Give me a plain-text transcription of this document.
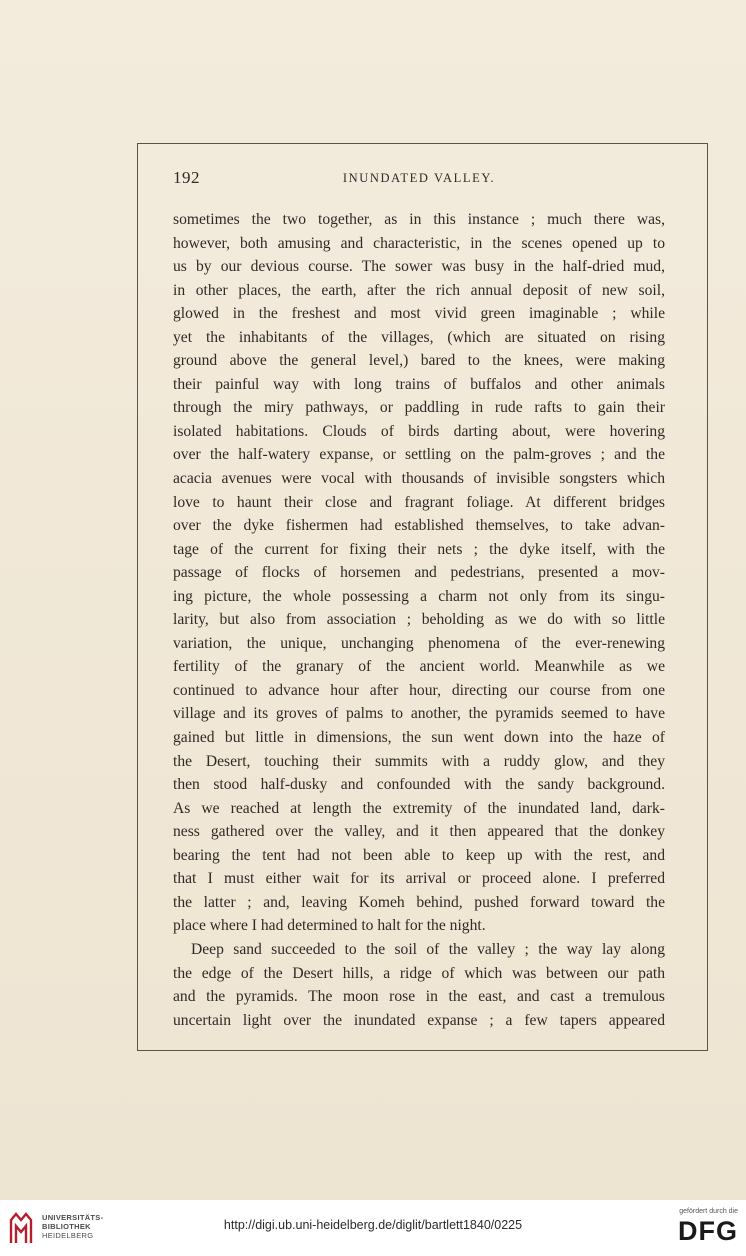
192	INUNDATED VALLEY.
sometimes the two together, as in this instance ; much there was,
however, both amusing and characteristic, in the scenes opened up to
us by our devious course. The sower was busy in the half-dried mud,
in other places, the earth, after the rich annual deposit of new soil,
glowed in the freshest and most vivid green imaginable ; while
yet the inhabitants of the villages, (which are situated on rising
ground above the general level,) bared to the knees, were making
their painful way with long trains of buffalos and other animals
through the miry pathways, or paddling in rude rafts to gain their
isolated habitations. Clouds of birds darting about, were hovering
over the half-watery expanse, or settling on the palm-groves ; and the
acacia avenues were vocal with thousands of invisible songsters which
love to haunt their close and fragrant foliage. At different bridges
over the dyke fishermen had established themselves, to take advan-
tage of the current for fixing their nets ; the dyke itself, with the
passage of flocks of horsemen and pedestrians, presented a mov-
ing picture, the whole possessing a charm not only from its singu-
larity, but also from association ; beholding as we do with so little
variation, the unique, unchanging phenomena of the ever-renewing
fertility of the granary of the ancient world. Meanwhile as we
continued to advance hour after hour, directing our course from one
village and its groves of palms to another, the pyramids seemed to have
gained but little in dimensions, the sun went down into the haze of
the Desert, touching their summits with a ruddy glow, and they
then stood half-dusky and confounded with the sandy background.
As we reached at length the extremity of the inundated land, dark-
ness gathered over the valley, and it then appeared that the donkey
bearing the tent had not been able to keep up with the rest, and
that I must either wait for its arrival or proceed alone. I preferred
the latter ; and, leaving Komeh behind, pushed forward toward the
place where I had determined to halt for the night.
Deep sand succeeded to the soil of the valley ; the way lay along
the edge of the Desert hills, a ridge of which was between our path
and the pyramids. The moon rose in the east, and cast a tremulous
uncertain light over the inundated expanse ; a few tapers appeared
UNIVERSITÄTS-
BIBLIOTHEK
HEIDELBERG
http://digi.ub.uni-heidelberg.de/diglit/bartlett1840/0225
gefördert durch die
DFG
